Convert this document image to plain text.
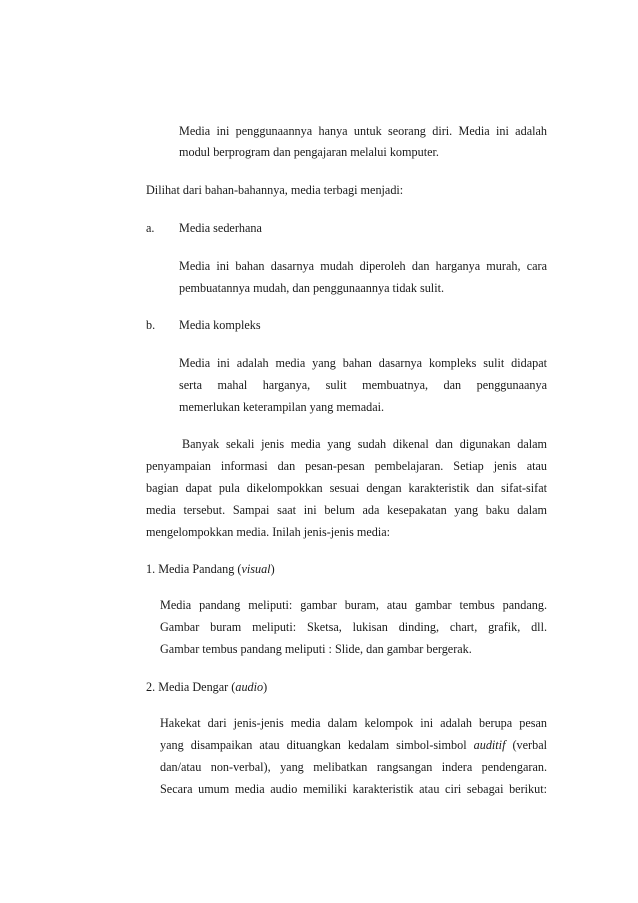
Media ini penggunaannya hanya untuk seorang diri. Media ini adalah
modul berprogram dan pengajaran melalui komputer.
Dilihat dari bahan-bahannya, media terbagi menjadi:
a. Media sederhana
Media ini bahan dasarnya mudah diperoleh dan harganya murah, cara
pembuatannya mudah, dan penggunaannya tidak sulit.
b. Media kompleks
Media ini adalah media yang bahan dasarnya kompleks sulit didapat
serta mahal harganya, sulit membuatnya, dan penggunaanya
memerlukan keterampilan yang memadai.
Banyak sekali jenis media yang sudah dikenal dan digunakan dalam
penyampaian informasi dan pesan-pesan pembelajaran. Setiap jenis atau
bagian dapat pula dikelompokkan sesuai dengan karakteristik dan sifat-sifat
media tersebut. Sampai saat ini belum ada kesepakatan yang baku dalam
mengelompokkan media. Inilah jenis-jenis media:
1. Media Pandang (visual)
Media pandang meliputi: gambar buram, atau gambar tembus pandang.
Gambar buram meliputi: Sketsa, lukisan dinding, chart, grafik, dll.
Gambar tembus pandang meliputi : Slide, dan gambar bergerak.
2. Media Dengar (audio)
Hakekat dari jenis-jenis media dalam kelompok ini adalah berupa pesan
yang disampaikan atau dituangkan kedalam simbol-simbol auditif (verbal
dan/atau non-verbal), yang melibatkan rangsangan indera pendengaran.
Secara umum media audio memiliki karakteristik atau ciri sebagai berikut:
